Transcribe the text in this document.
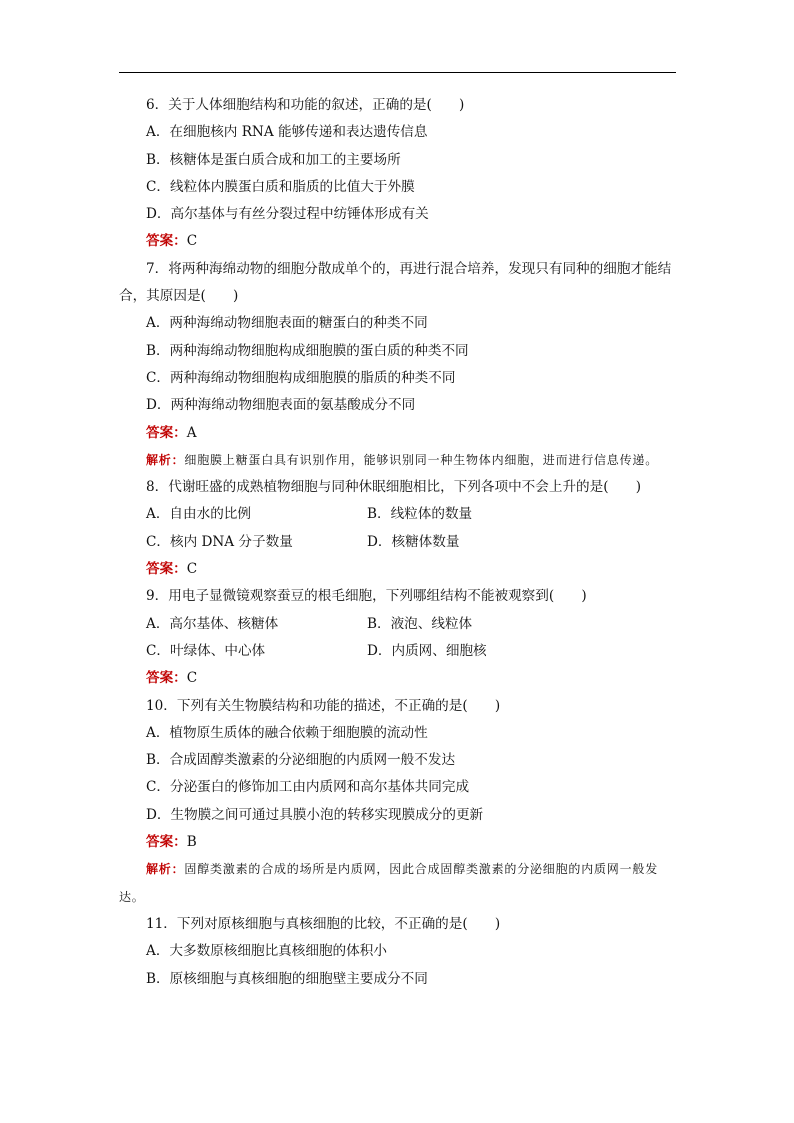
6．关于人体细胞结构和功能的叙述，正确的是(　　)
A．在细胞核内 RNA 能够传递和表达遗传信息
B．核糖体是蛋白质合成和加工的主要场所
C．线粒体内膜蛋白质和脂质的比值大于外膜
D．高尔基体与有丝分裂过程中纺锤体形成有关
答案：C
7．将两种海绵动物的细胞分散成单个的，再进行混合培养，发现只有同种的细胞才能结合，其原因是(　　)
A．两种海绵动物细胞表面的糖蛋白的种类不同
B．两种海绵动物细胞构成细胞膜的蛋白质的种类不同
C．两种海绵动物细胞构成细胞膜的脂质的种类不同
D．两种海绵动物细胞表面的氨基酸成分不同
答案：A
解析：细胞膜上糖蛋白具有识别作用，能够识别同一种生物体内细胞，进而进行信息传递。
8．代谢旺盛的成熟植物细胞与同种休眠细胞相比，下列各项中不会上升的是(　　)
A．自由水的比例	B．线粒体的数量
C．核内 DNA 分子数量	D．核糖体数量
答案：C
9．用电子显微镜观察蚕豆的根毛细胞，下列哪组结构不能被观察到(　　)
A．高尔基体、核糖体	B．液泡、线粒体
C．叶绿体、中心体	D．内质网、细胞核
答案：C
10．下列有关生物膜结构和功能的描述，不正确的是(　　)
A．植物原生质体的融合依赖于细胞膜的流动性
B．合成固醇类激素的分泌细胞的内质网一般不发达
C．分泌蛋白的修饰加工由内质网和高尔基体共同完成
D．生物膜之间可通过具膜小泡的转移实现膜成分的更新
答案：B
解析：固醇类激素的合成的场所是内质网，因此合成固醇类激素的分泌细胞的内质网一般发达。
11．下列对原核细胞与真核细胞的比较，不正确的是(　　)
A．大多数原核细胞比真核细胞的体积小
B．原核细胞与真核细胞的细胞壁主要成分不同
